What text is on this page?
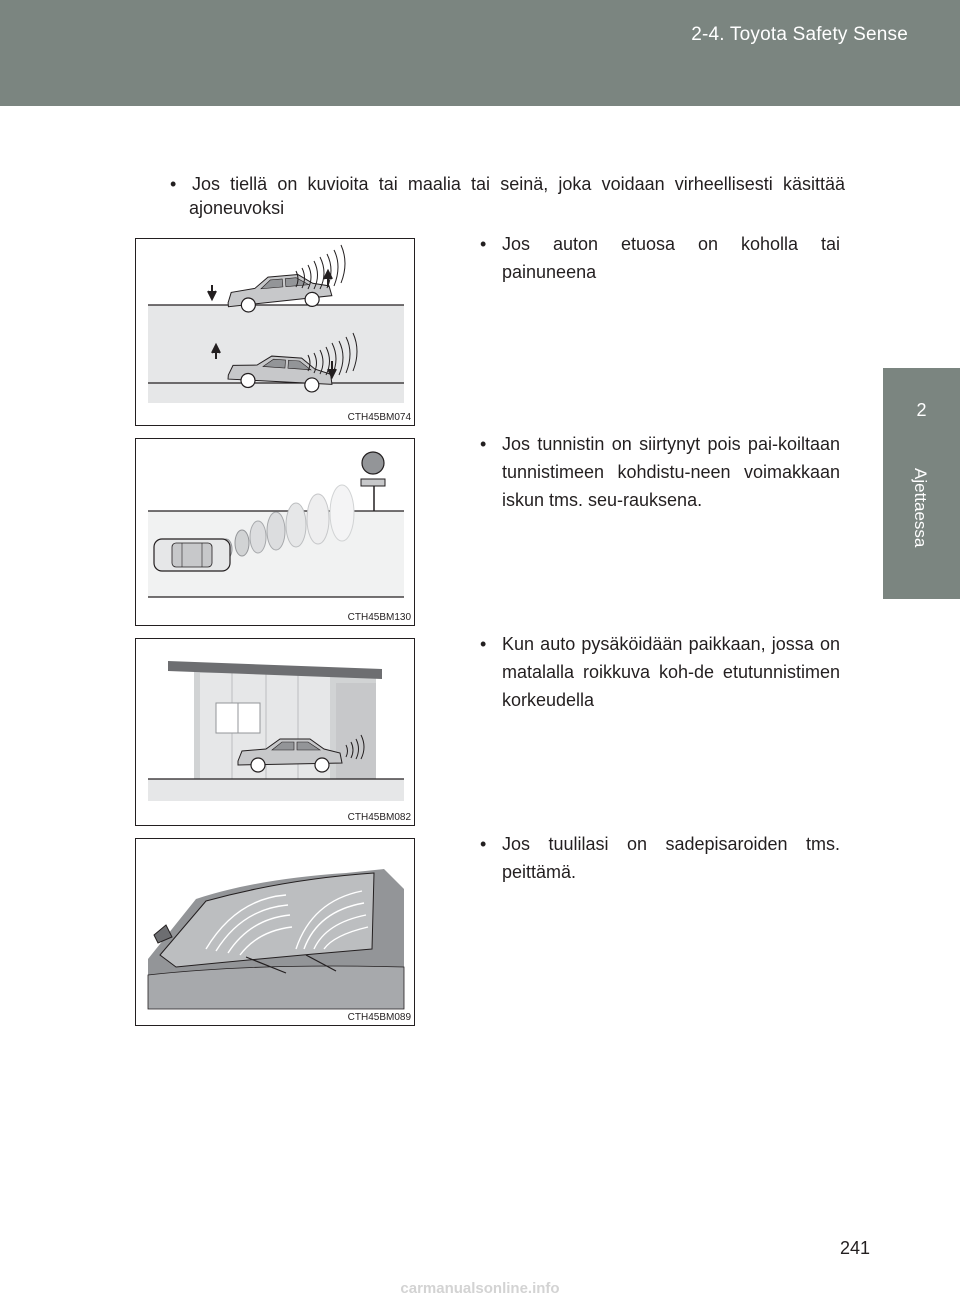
2-4. Toyota Safety Sense
2
Ajettaessa
• Jos tiellä on kuvioita tai maalia tai seinä, joka voidaan virheellisesti käsittää ajoneuvoksi
CTH45BM074
• Jos auton etuosa on koholla tai painuneena
CTH45BM130
• Jos tunnistin on siirtynyt pois pai-koiltaan tunnistimeen kohdistu-neen voimakkaan iskun tms. seu-rauksena.
CTH45BM082
• Kun auto pysäköidään paikkaan, jossa on matalalla roikkuva koh-de etutunnistimen korkeudella
CTH45BM089
• Jos tuulilasi on sadepisaroiden tms. peittämä.
241
carmanualsonline.info
